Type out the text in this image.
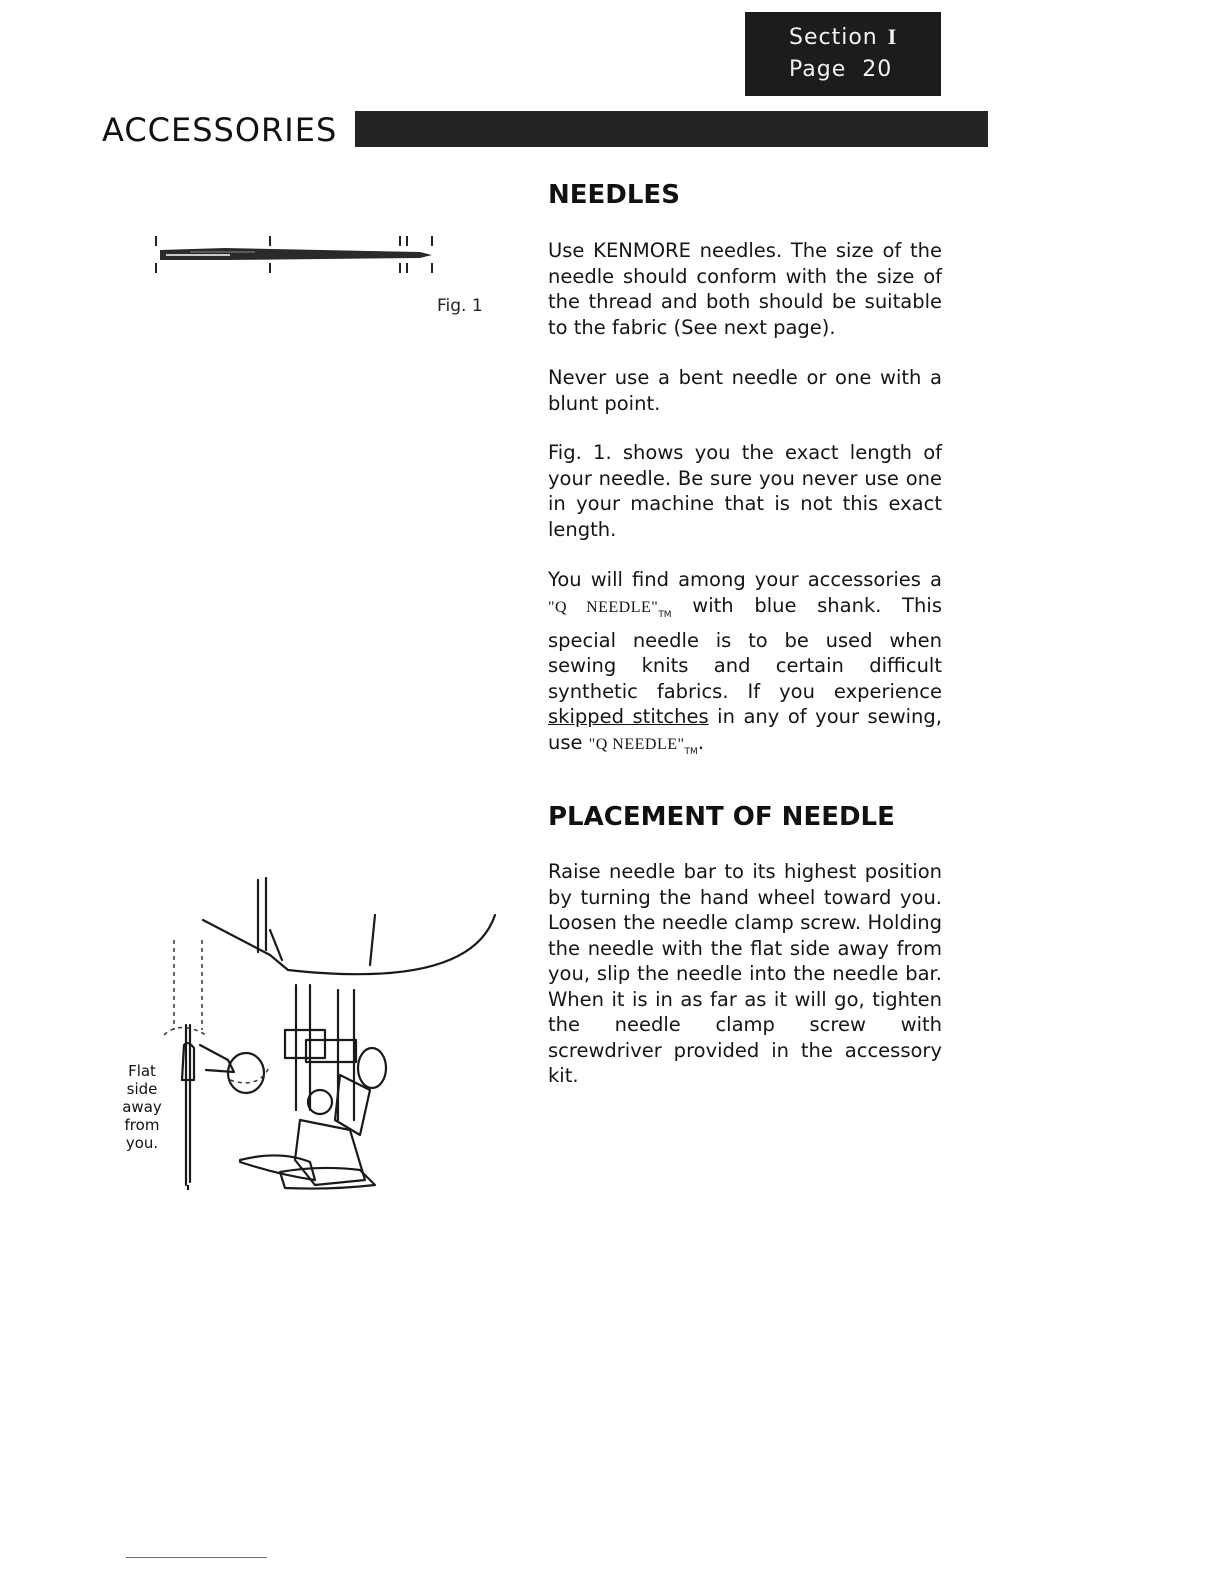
Section I
Page 20
ACCESSORIES
Fig. 1
NEEDLES

Use KENMORE needles. The size of the needle should conform with the size of the thread and both should be suitable to the fabric (See next page).

Never use a bent needle or one with a blunt point.

Fig. 1. shows you the exact length of your needle. Be sure you never use one in your machine that is not this exact length.

You will find among your accessories a "Q $NEEDLE"_{TM}$ with blue shank. This special needle is to be used when sewing knits and certain difficult synthetic fabrics. If you experience skipped stitches in any of your sewing, use "Q $NEEDLE"_{TM}$.

PLACEMENT OF NEEDLE

Raise needle bar to its highest position by turning the hand wheel toward you. Loosen the needle clamp screw. Holding the needle with the flat side away from you, slip the needle into the needle bar. When it is in as far as it will go, tighten the needle clamp screw with screwdriver provided in the accessory kit.

Flat
side
away
from
you.
